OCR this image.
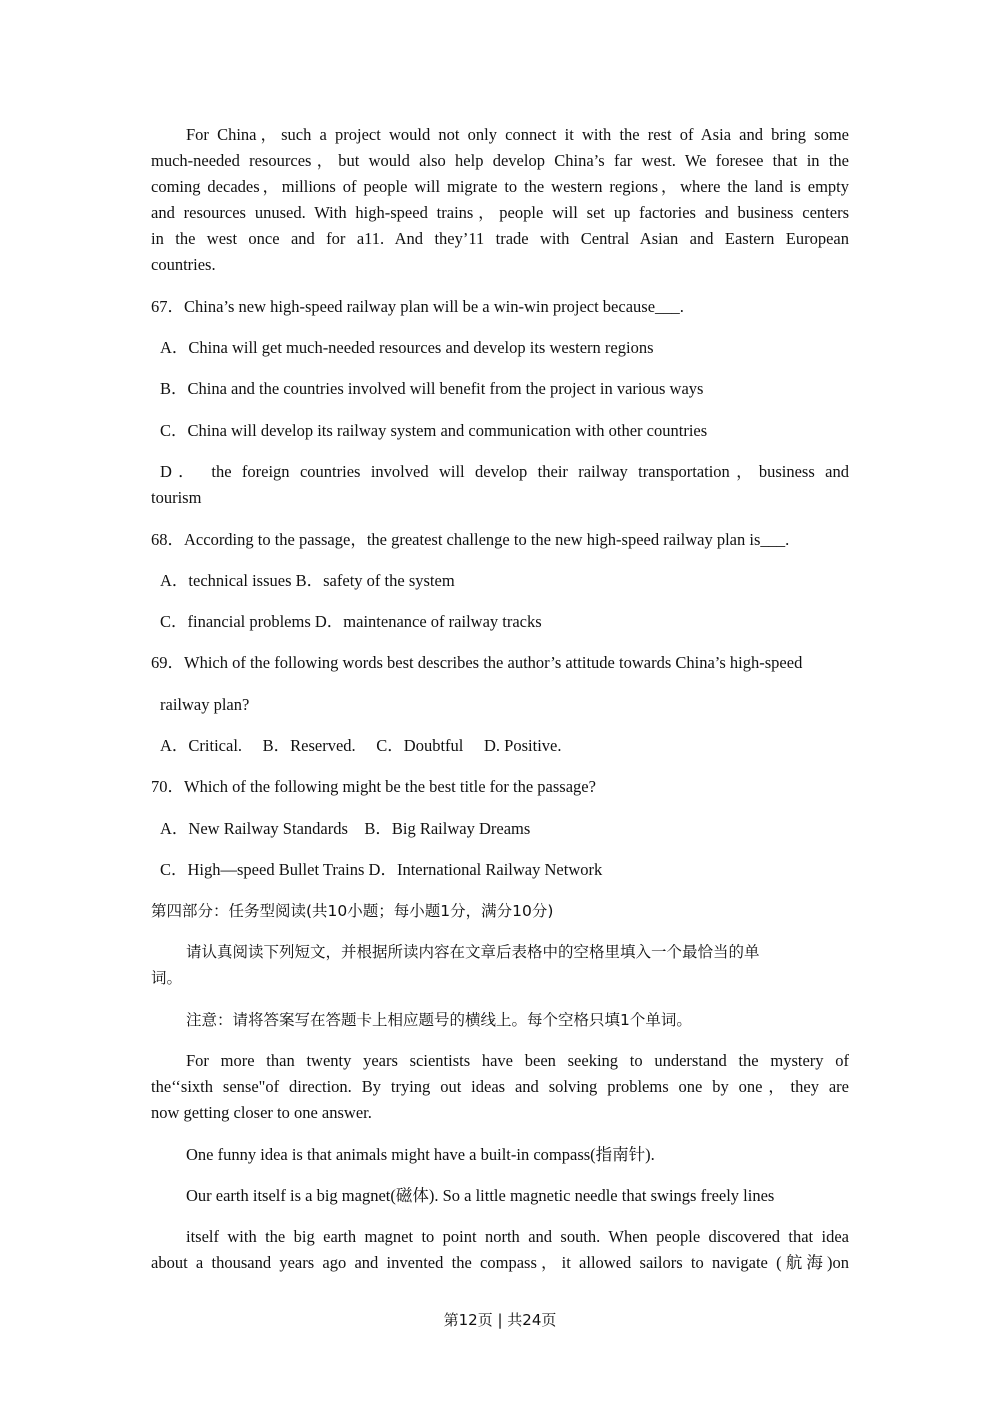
For China，such a project would not only connect it with the rest of Asia and bring some
much-needed resources，but would also help develop China’s far west. We foresee that in the
coming decades，millions of people will migrate to the western regions，where the land is empty
and resources unused. With high-speed trains，people will set up factories and business centers
in the west once and for a11. And they’11 trade with Central Asian and Eastern European
countries.
67．China’s new high-speed railway plan will be a win-win project because___.
A．China will get much-needed resources and develop its western regions
B．China and the countries involved will benefit from the project in various ways
C．China will develop its railway system and communication with other countries
D． the foreign countries involved will develop their railway transportation，business and
tourism
68．According to the passage，the greatest challenge to the new high-speed railway plan is___.
A．technical issues B．safety of the system
C．financial problems D．maintenance of railway tracks
69．Which of the following words best describes the author’s attitude towards China’s high-speed
railway plan?
A．Critical.     B．Reserved.     C．Doubtful     D. Positive.
70．Which of the following might be the best title for the passage?
A．New Railway Standards    B．Big Railway Dreams
C．High—speed Bullet Trains D．International Railway Network
第四部分：任务型阅读(共10小题；每小题1分，满分10分)
请认真阅读下列短文，并根据所读内容在文章后表格中的空格里填入一个最恰当的单
词。
注意：请将答案写在答题卡上相应题号的横线上。每个空格只填1个单词。
For more than twenty years scientists have been seeking to understand the mystery of
the‘‘sixth sense"of direction. By trying out ideas and solving problems one by one，they are
now getting closer to one answer.
One funny idea is that animals might have a built-in compass(指南针).
Our earth itself is a big magnet(磁体). So a little magnetic needle that swings freely lines
itself with the big earth magnet to point north and south. When people discovered that idea
about a thousand years ago and invented the compass，it allowed sailors to navigate (航海)on
第12页 | 共24页
